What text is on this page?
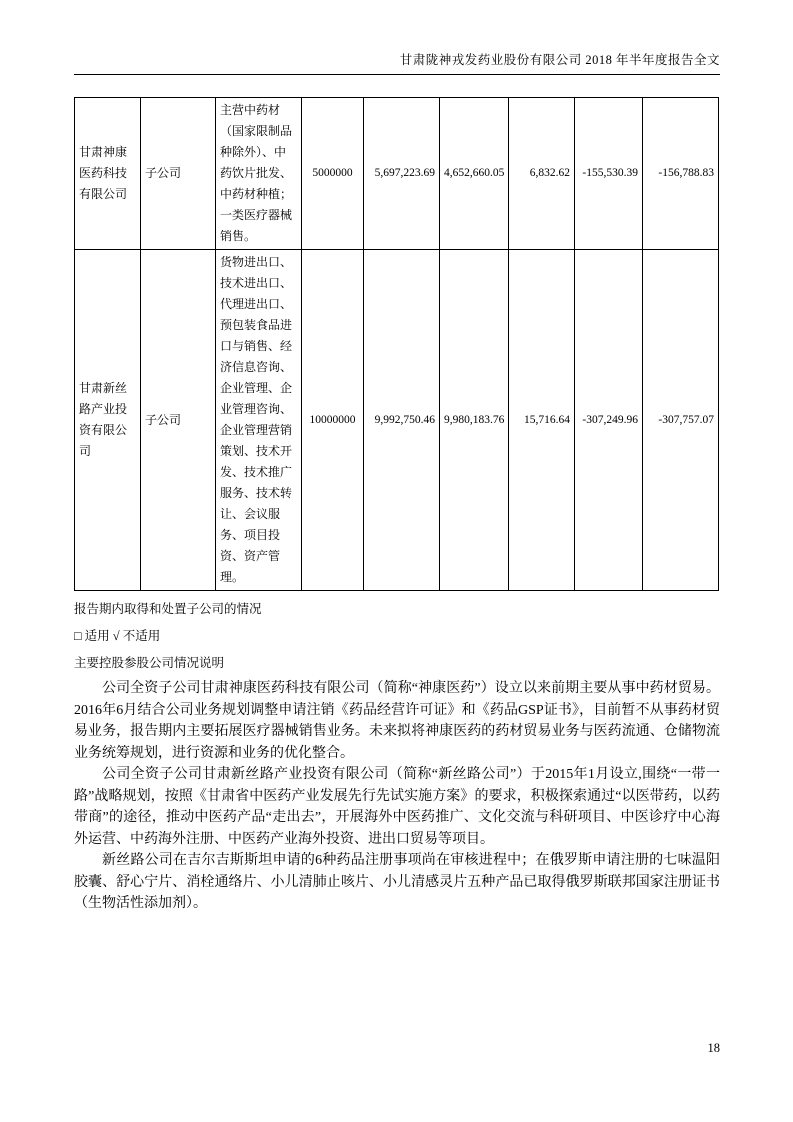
甘肃陇神戎发药业股份有限公司 2018 年半年度报告全文
甘肃神康医药科技有限公司	子公司	主营中药材（国家限制品种除外）、中药饮片批发、中药材种植；一类医疗器械销售。	5000000	5,697,223.69	4,652,660.05	6,832.62	-155,530.39	-156,788.83
甘肃新丝路产业投资有限公司	子公司	货物进出口、技术进出口、代理进出口、预包装食品进口与销售、经济信息咨询、企业管理、企业管理咨询、企业管理营销策划、技术开发、技术推广服务、技术转让、会议服务、项目投资、资产管理。	10000000	9,992,750.46	9,980,183.76	15,716.64	-307,249.96	-307,757.07
报告期内取得和处置子公司的情况
□ 适用 √ 不适用
主要控股参股公司情况说明

公司全资子公司甘肃神康医药科技有限公司（简称“神康医药”）设立以来前期主要从事中药材贸易。2016年6月结合公司业务规划调整申请注销《药品经营许可证》和《药品GSP证书》，目前暂不从事药材贸易业务，报告期内主要拓展医疗器械销售业务。未来拟将神康医药的药材贸易业务与医药流通、仓储物流业务统筹规划，进行资源和业务的优化整合。

公司全资子公司甘肃新丝路产业投资有限公司（简称“新丝路公司”）于2015年1月设立,围绕“一带一路”战略规划，按照《甘肃省中医药产业发展先行先试实施方案》的要求，积极探索通过“以医带药，以药带商”的途径，推动中医药产品“走出去”，开展海外中医药推广、文化交流与科研项目、中医诊疗中心海外运营、中药海外注册、中医药产业海外投资、进出口贸易等项目。

新丝路公司在吉尔吉斯斯坦申请的6种药品注册事项尚在审核进程中；在俄罗斯申请注册的七味温阳胶囊、舒心宁片、消栓通络片、小儿清肺止咳片、小儿清感灵片五种产品已取得俄罗斯联邦国家注册证书（生物活性添加剂）。

18
